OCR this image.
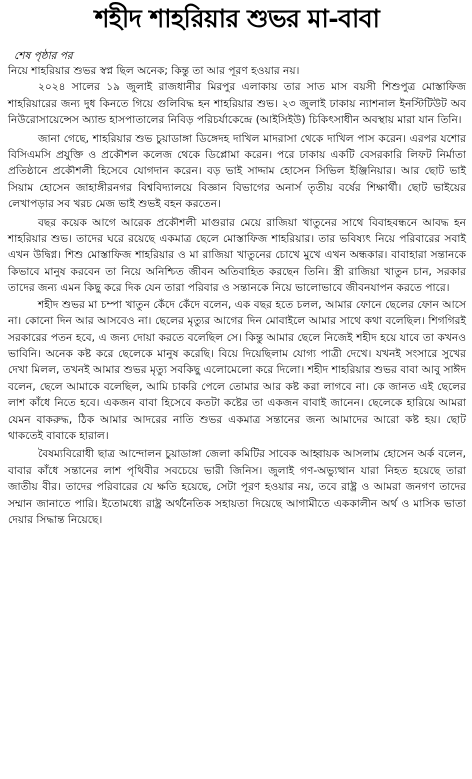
শহীদ শাহরিয়ার শুভর মা-বাবা
শেষ পৃষ্ঠার পর

নিয়ে শাহরিয়ার শুভর স্বপ্ন ছিল অনেক; কিন্তু তা আর পূরণ হওয়ার নয়।

২০২৪ সালের ১৯ জুলাই রাজধানীর মিরপুর এলাকায় তার সাত মাস বয়সী শিশুপুত্র মোস্তাফিজ শাহরিয়ারের জন্য দুধ কিনতে গিয়ে গুলিবিদ্ধ হন শাহরিয়ার শুভ। ২৩ জুলাই ঢাকায় ন্যাশনাল ইনস্টিটিউট অব নিউরোসায়েন্সেস অ্যান্ড হাসপাতালের নিবিড় পরিচর্যাকেন্দ্রে (আইসিইউ) চিকিৎসাধীন অবস্থায় মারা যান তিনি।

জানা গেছে, শাহরিয়ার শুভ চুয়াডাঙ্গা ডিঙ্গেদহ দাখিল মাদরাসা থেকে দাখিল পাস করেন। এরপর যশোর বিসিএমসি প্রযুক্তি ও প্রকৌশল কলেজ থেকে ডিপ্লোমা করেন। পরে ঢাকায় একটি বেসরকারি লিফট নির্মাতা প্রতিষ্ঠানে প্রকৌশলী হিসেবে যোগদান করেন। বড় ভাই সাদ্দাম হোসেন সিভিল ইঞ্জিনিয়ার। আর ছোট ভাই সিয়াম হোসেন জাহাঙ্গীরনগর বিশ্ববিদ্যালয়ে বিজ্ঞান বিভাগের অনার্স তৃতীয় বর্ষের শিক্ষার্থী। ছোট ভাইয়ের লেখাপড়ার সব খরচ মেজ ভাই শুভই বহন করতেন।

বছর কয়েক আগে আরেক প্রকৌশলী মাগুরার মেয়ে রাজিয়া খাতুনের সাথে বিবাহবন্ধনে আবদ্ধ হন শাহরিয়ার শুভ। তাদের ঘরে রয়েছে একমাত্র ছেলে মোস্তাফিজ শাহরিয়ার। তার ভবিষ্যৎ নিয়ে পরিবারের সবাই এখন উদ্বিগ্ন। শিশু মোস্তাফিজ শাহরিয়ার ও মা রাজিয়া খাতুনের চোখে মুখে এখন অন্ধকার। বাবাহারা সন্তানকে কিভাবে মানুষ করবেন তা নিয়ে অনিশ্চিত জীবন অতিবাহিত করছেন তিনি। স্ত্রী রাজিয়া খাতুন চান, সরকার তাদের জন্য এমন কিছু করে দিক যেন তারা পরিবার ও সন্তানকে নিয়ে ভালোভাবে জীবনযাপন করতে পারে।

শহীদ শুভর মা চম্পা খাতুন কেঁদে কেঁদে বলেন, এক বছর হতে চলল, আমার ফোনে ছেলের ফোন আসে না। কোনো দিন আর আসবেও না। ছেলের মৃত্যুর আগের দিন মোবাইলে আমার সাথে কথা বলেছিল। শিগগিরই সরকারের পতন হবে, এ জন্য দোয়া করতে বলেছিল সে। কিন্তু আমার ছেলে নিজেই শহীদ হয়ে যাবে তা কখনও ভাবিনি। অনেক কষ্ট করে ছেলেকে মানুষ করেছি। বিয়ে দিয়েছিলাম যোগ্য পাত্রী দেখে। যখনই সংসারে সুখের দেখা মিলল, তখনই আমার শুভর মৃত্যু সবকিছু এলোমেলো করে দিলো। শহীদ শাহরিয়ার শুভর বাবা আবু সাঈদ বলেন, ছেলে আমাকে বলেছিল, আমি চাকরি পেলে তোমার আর কষ্ট করা লাগবে না। কে জানত এই ছেলের লাশ কাঁধে নিতে হবে। একজন বাবা হিসেবে কতটা কষ্টের তা একজন বাবাই জানেন। ছেলেকে হারিয়ে আমরা যেমন বাকরুদ্ধ, ঠিক আমার আদরের নাতি শুভর একমাত্র সন্তানের জন্য আমাদের আরো কষ্ট হয়। ছোট থাকতেই বাবাকে হারাল।

বৈষম্যবিরোধী ছাত্র আন্দোলন চুয়াডাঙ্গা জেলা কমিটির সাবেক আহ্বায়ক আসলাম হোসেন অর্ক বলেন, বাবার কাঁধে সন্তানের লাশ পৃথিবীর সবচেয়ে ভারী জিনিস। জুলাই গণ-অভ্যুত্থান যারা নিহত হয়েছে তারা জাতীয় বীর। তাদের পরিবারের যে ক্ষতি হয়েছে, সেটা পূরণ হওয়ার নয়, তবে রাষ্ট্র ও আমরা জনগণ তাদের সম্মান জানাতে পারি। ইতোমধ্যে রাষ্ট্র অর্থনৈতিক সহায়তা দিয়েছে আগামীতে এককালীন অর্থ ও মাসিক ভাতা দেয়ার সিদ্ধান্ত নিয়েছে।
